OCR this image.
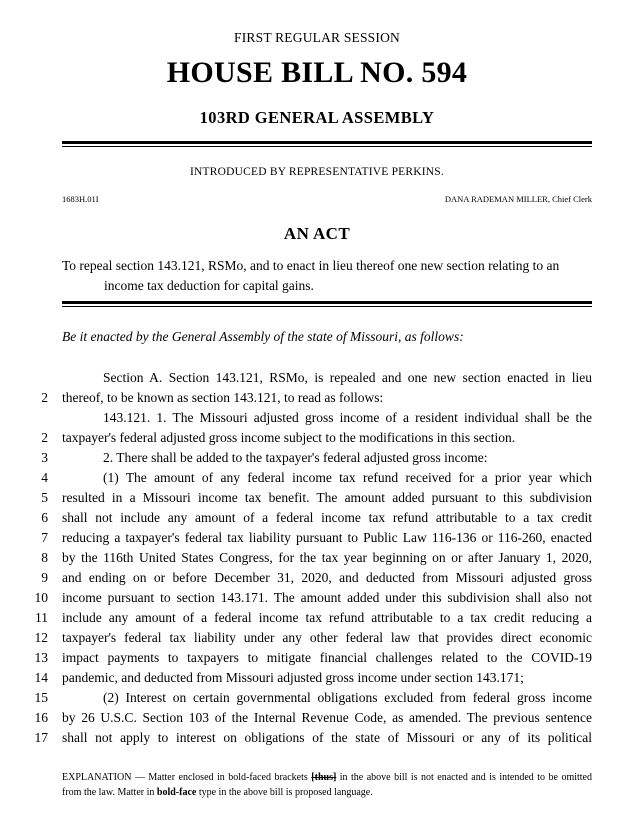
FIRST REGULAR SESSION
HOUSE BILL NO. 594
103RD GENERAL ASSEMBLY
INTRODUCED BY REPRESENTATIVE PERKINS.
1683H.01I	DANA RADEMAN MILLER, Chief Clerk
AN ACT
To repeal section 143.121, RSMo, and to enact in lieu thereof one new section relating to an
income tax deduction for capital gains.
Be it enacted by the General Assembly of the state of Missouri, as follows:
Section A. Section 143.121, RSMo, is repealed and one new section enacted in lieu
2 thereof, to be known as section 143.121, to read as follows:
143.121. 1. The Missouri adjusted gross income of a resident individual shall be the
2 taxpayer's federal adjusted gross income subject to the modifications in this section.
3	2. There shall be added to the taxpayer's federal adjusted gross income:
4	(1) The amount of any federal income tax refund received for a prior year which
5 resulted in a Missouri income tax benefit. The amount added pursuant to this subdivision
6 shall not include any amount of a federal income tax refund attributable to a tax credit
7 reducing a taxpayer's federal tax liability pursuant to Public Law 116-136 or 116-260, enacted
8 by the 116th United States Congress, for the tax year beginning on or after January 1, 2020,
9 and ending on or before December 31, 2020, and deducted from Missouri adjusted gross
10 income pursuant to section 143.171. The amount added under this subdivision shall also not
11 include any amount of a federal income tax refund attributable to a tax credit reducing a
12 taxpayer's federal tax liability under any other federal law that provides direct economic
13 impact payments to taxpayers to mitigate financial challenges related to the COVID-19
14 pandemic, and deducted from Missouri adjusted gross income under section 143.171;
15	(2) Interest on certain governmental obligations excluded from federal gross income
16 by 26 U.S.C. Section 103 of the Internal Revenue Code, as amended. The previous sentence
17 shall not apply to interest on obligations of the state of Missouri or any of its political
EXPLANATION — Matter enclosed in bold-faced brackets [thus] in the above bill is not enacted and is intended to be omitted from the law. Matter in bold-face type in the above bill is proposed language.
